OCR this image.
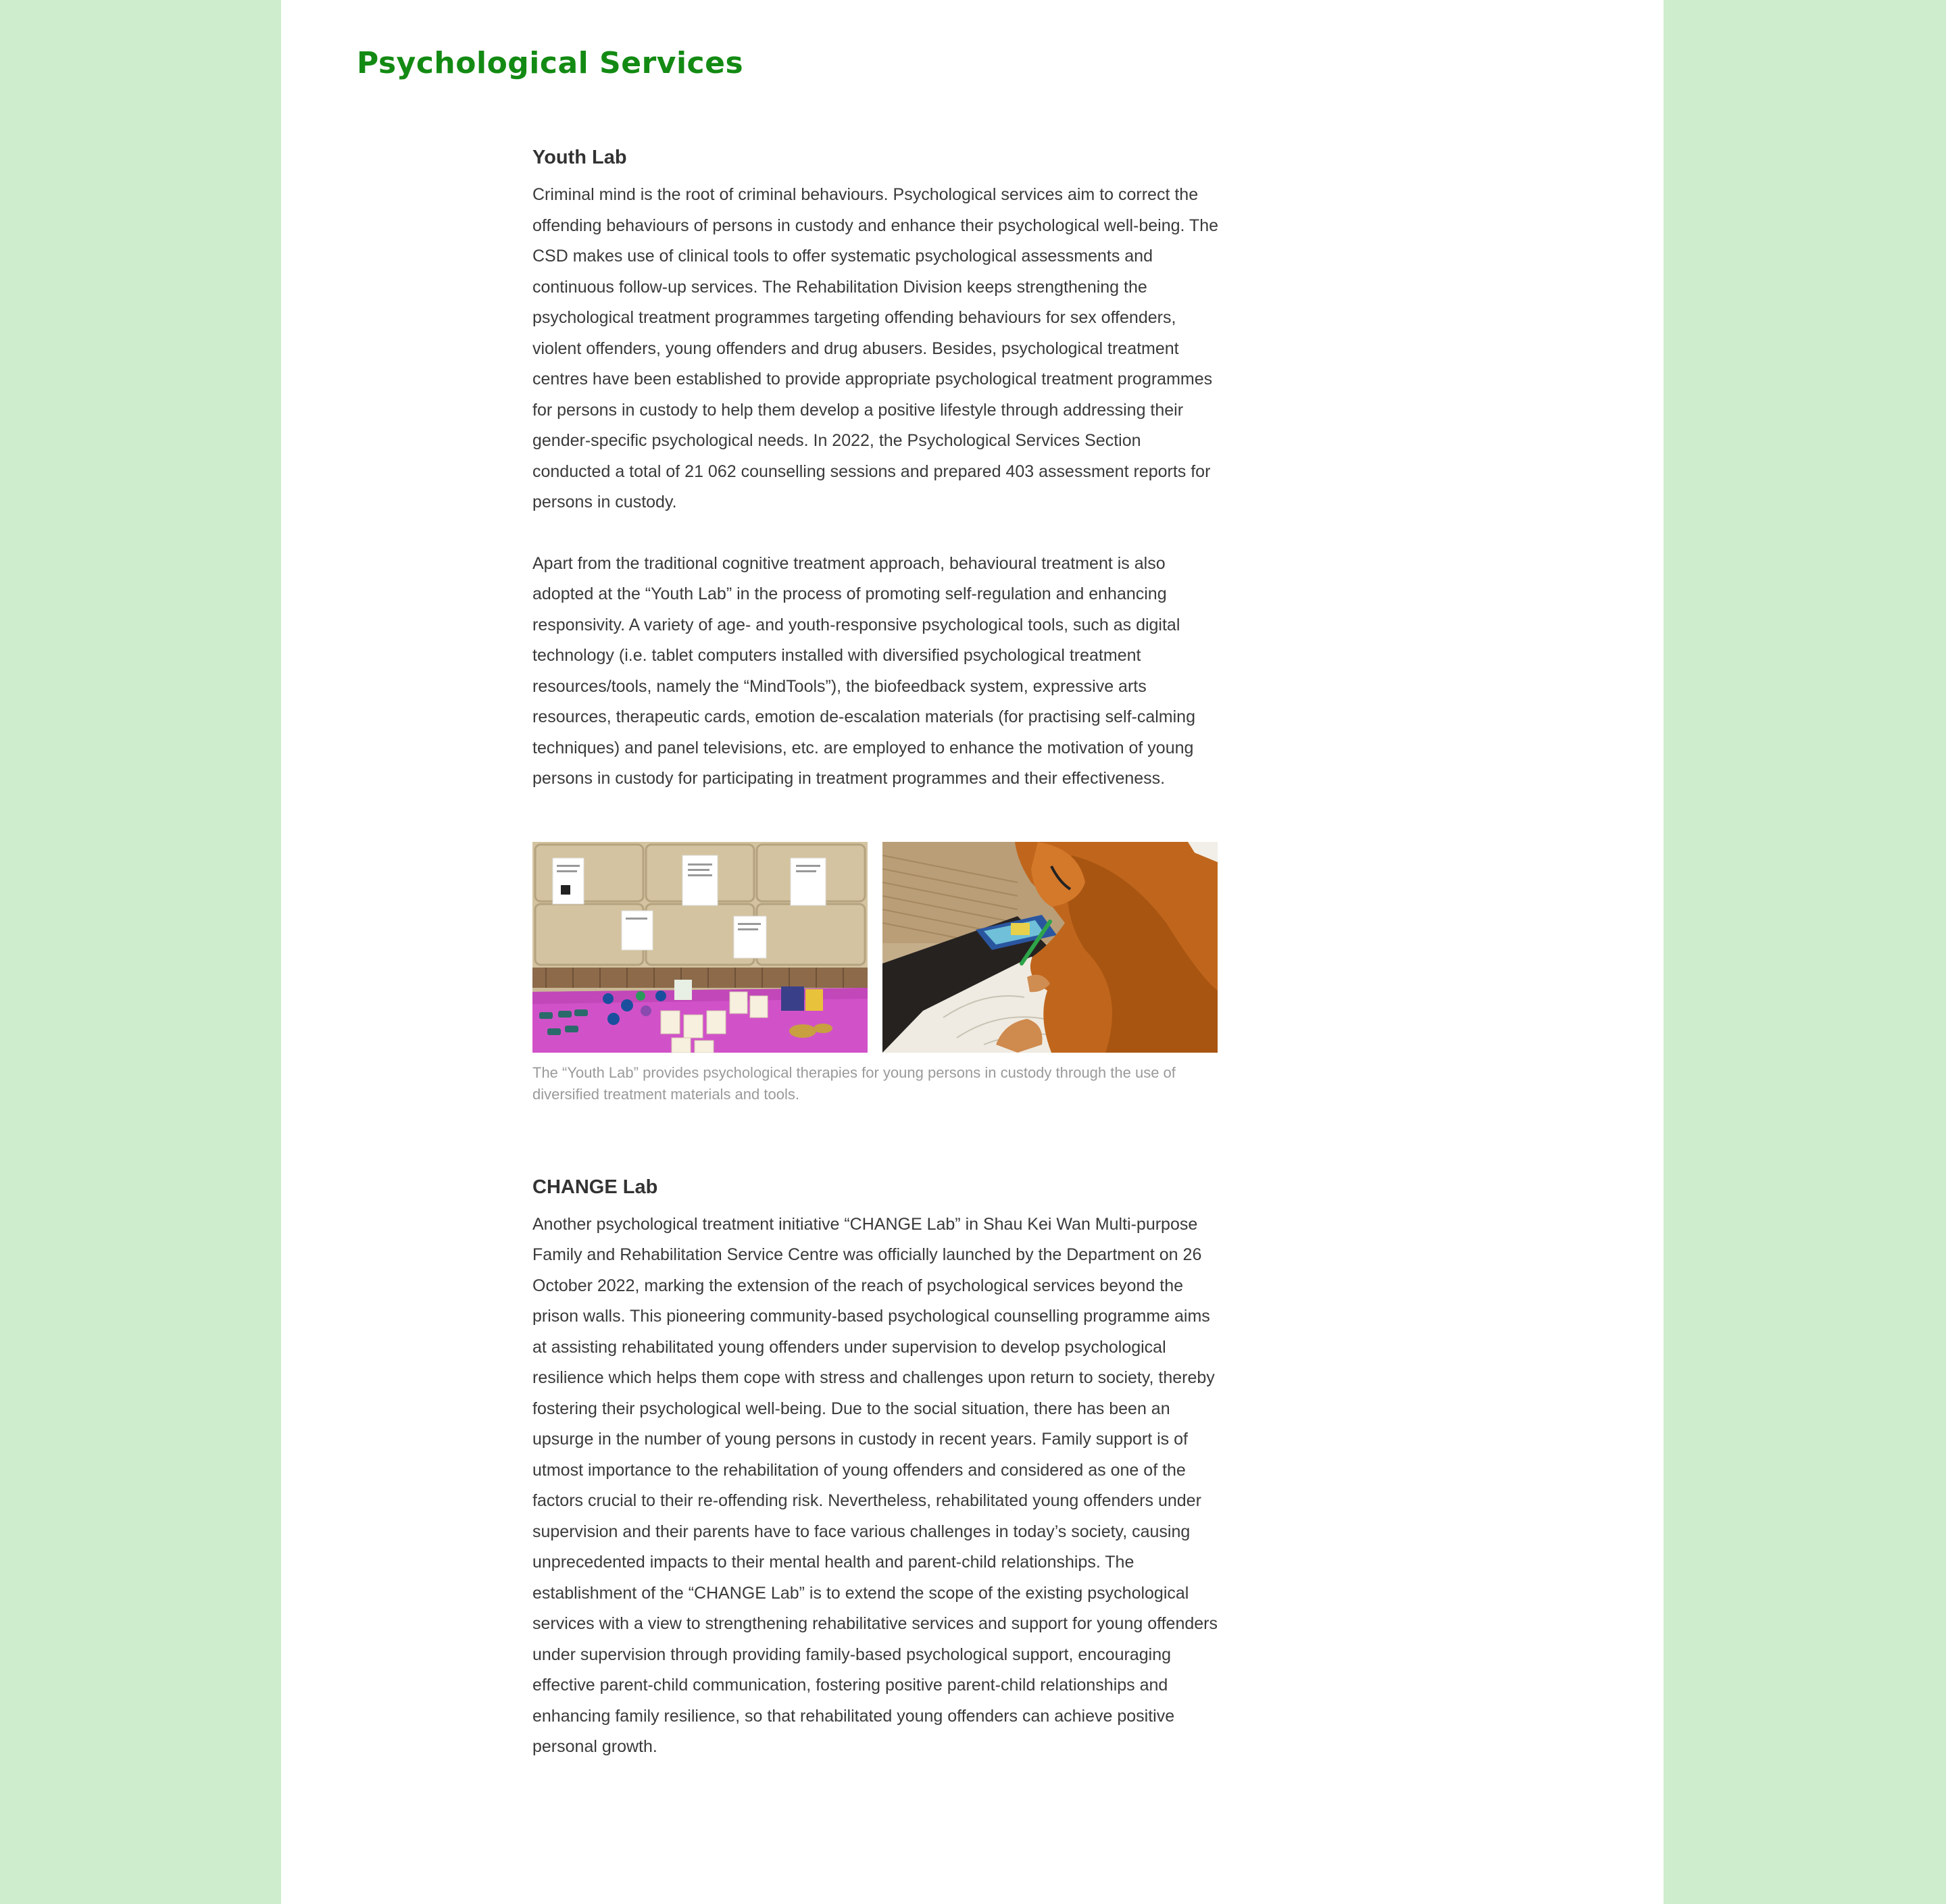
Psychological Services
Youth Lab

Criminal mind is the root of criminal behaviours. Psychological services aim to correct the offending behaviours of persons in custody and enhance their psychological well-being. The CSD makes use of clinical tools to offer systematic psychological assessments and continuous follow-up services. The Rehabilitation Division keeps strengthening the psychological treatment programmes targeting offending behaviours for sex offenders, violent offenders, young offenders and drug abusers. Besides, psychological treatment centres have been established to provide appropriate psychological treatment programmes for persons in custody to help them develop a positive lifestyle through addressing their gender-specific psychological needs. In 2022, the Psychological Services Section conducted a total of 21 062 counselling sessions and prepared 403 assessment reports for persons in custody.

Apart from the traditional cognitive treatment approach, behavioural treatment is also adopted at the “Youth Lab” in the process of promoting self-regulation and enhancing responsivity. A variety of age- and youth-responsive psychological tools, such as digital technology (i.e. tablet computers installed with diversified psychological treatment resources/tools, namely the “MindTools”), the biofeedback system, expressive arts resources, therapeutic cards, emotion de-escalation materials (for practising self-calming techniques) and panel televisions, etc. are employed to enhance the motivation of young persons in custody for participating in treatment programmes and their effectiveness.

The “Youth Lab” provides psychological therapies for young persons in custody through the use of diversified treatment materials and tools.

CHANGE Lab

Another psychological treatment initiative “CHANGE Lab” in Shau Kei Wan Multi-purpose Family and Rehabilitation Service Centre was officially launched by the Department on 26 October 2022, marking the extension of the reach of psychological services beyond the prison walls. This pioneering community-based psychological counselling programme aims at assisting rehabilitated young offenders under supervision to develop psychological resilience which helps them cope with stress and challenges upon return to society, thereby fostering their psychological well-being. Due to the social situation, there has been an upsurge in the number of young persons in custody in recent years. Family support is of utmost importance to the rehabilitation of young offenders and considered as one of the factors crucial to their re-offending risk. Nevertheless, rehabilitated young offenders under supervision and their parents have to face various challenges in today’s society, causing unprecedented impacts to their mental health and parent-child relationships. The establishment of the “CHANGE Lab” is to extend the scope of the existing psychological services with a view to strengthening rehabilitative services and support for young offenders under supervision through providing family-based psychological support, encouraging effective parent-child communication, fostering positive parent-child relationships and enhancing family resilience, so that rehabilitated young offenders can achieve positive personal growth.
